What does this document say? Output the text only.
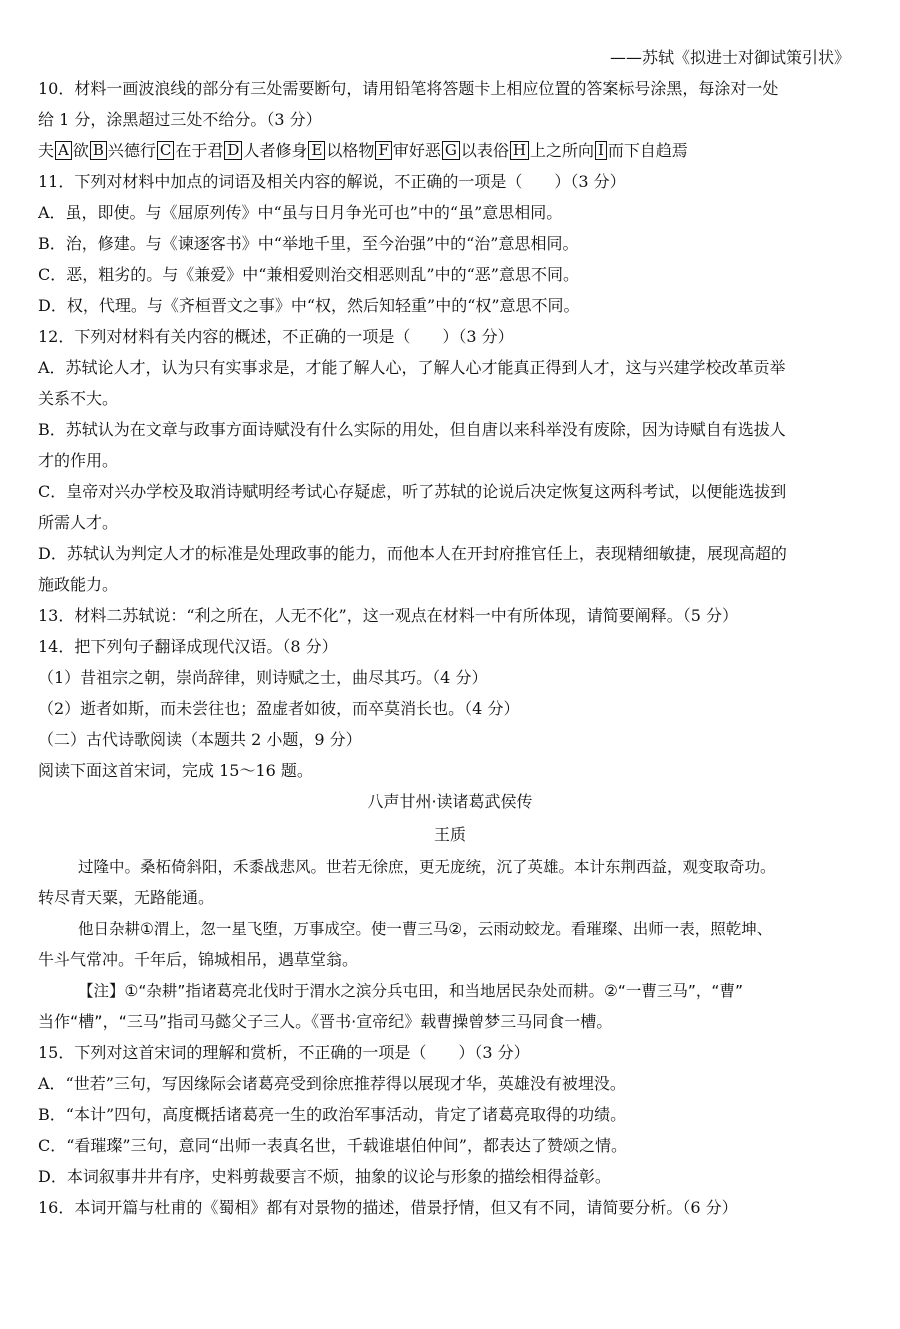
——苏轼《拟进士对御试策引状》
10．材料一画波浪线的部分有三处需要断句，请用铅笔将答题卡上相应位置的答案标号涂黑，每涂对一处
给 1 分，涂黑超过三处不给分。（3 分）
夫 A 欲 B 兴德行 C 在于君 D 人者修身 E 以格物 F 审好恶 G 以表俗 H 上之所向 I 而下自趋焉
11．下列对材料中加点的词语及相关内容的解说，不正确的一项是（　　）（3 分）
A．虽，即使。与《屈原列传》中“虽与日月争光可也”中的“虽”意思相同。
B．治，修建。与《谏逐客书》中“举地千里，至今治强”中的“治”意思相同。
C．恶，粗劣的。与《兼爱》中“兼相爱则治交相恶则乱”中的“恶”意思不同。
D．权，代理。与《齐桓晋文之事》中“权，然后知轻重”中的“权”意思不同。
12．下列对材料有关内容的概述，不正确的一项是（　　）（3 分）
A．苏轼论人才，认为只有实事求是，才能了解人心，了解人心才能真正得到人才，这与兴建学校改革贡举
关系不大。
B．苏轼认为在文章与政事方面诗赋没有什么实际的用处，但自唐以来科举没有废除，因为诗赋自有选拔人
才的作用。
C．皇帝对兴办学校及取消诗赋明经考试心存疑虑，听了苏轼的论说后决定恢复这两科考试，以便能选拔到
所需人才。
D．苏轼认为判定人才的标准是处理政事的能力，而他本人在开封府推官任上，表现精细敏捷，展现高超的
施政能力。
13．材料二苏轼说：“利之所在，人无不化”，这一观点在材料一中有所体现，请简要阐释。（5 分）
14．把下列句子翻译成现代汉语。（8 分）
（1）昔祖宗之朝，崇尚辞律，则诗赋之士，曲尽其巧。（4 分）
（2）逝者如斯，而未尝往也；盈虚者如彼，而卒莫消长也。（4 分）
（二）古代诗歌阅读（本题共 2 小题，9 分）
阅读下面这首宋词，完成 15～16 题。
八声甘州·读诸葛武侯传
王质
过隆中。桑柘倚斜阳，禾黍战悲风。世若无徐庶，更无庞统，沉了英雄。本计东荆西益，观变取奇功。
转尽青天粟，无路能通。
他日杂耕①渭上，忽一星飞堕，万事成空。使一曹三马②，云雨动蛟龙。看璀璨、出师一表，照乾坤、
牛斗气常冲。千年后，锦城相吊，遇草堂翁。
【注】①“杂耕”指诸葛亮北伐时于渭水之滨分兵屯田，和当地居民杂处而耕。②“一曹三马”，“曹”
当作“槽”，“三马”指司马懿父子三人。《晋书·宣帝纪》载曹操曾梦三马同食一槽。
15．下列对这首宋词的理解和赏析，不正确的一项是（　　）（3 分）
A．“世若”三句，写因缘际会诸葛亮受到徐庶推荐得以展现才华，英雄没有被埋没。
B．“本计”四句，高度概括诸葛亮一生的政治军事活动，肯定了诸葛亮取得的功绩。
C．“看璀璨”三句，意同“出师一表真名世，千载谁堪伯仲间”，都表达了赞颂之情。
D．本词叙事井井有序，史料剪裁要言不烦，抽象的议论与形象的描绘相得益彰。
16．本词开篇与杜甫的《蜀相》都有对景物的描述，借景抒情，但又有不同，请简要分析。（6 分）
